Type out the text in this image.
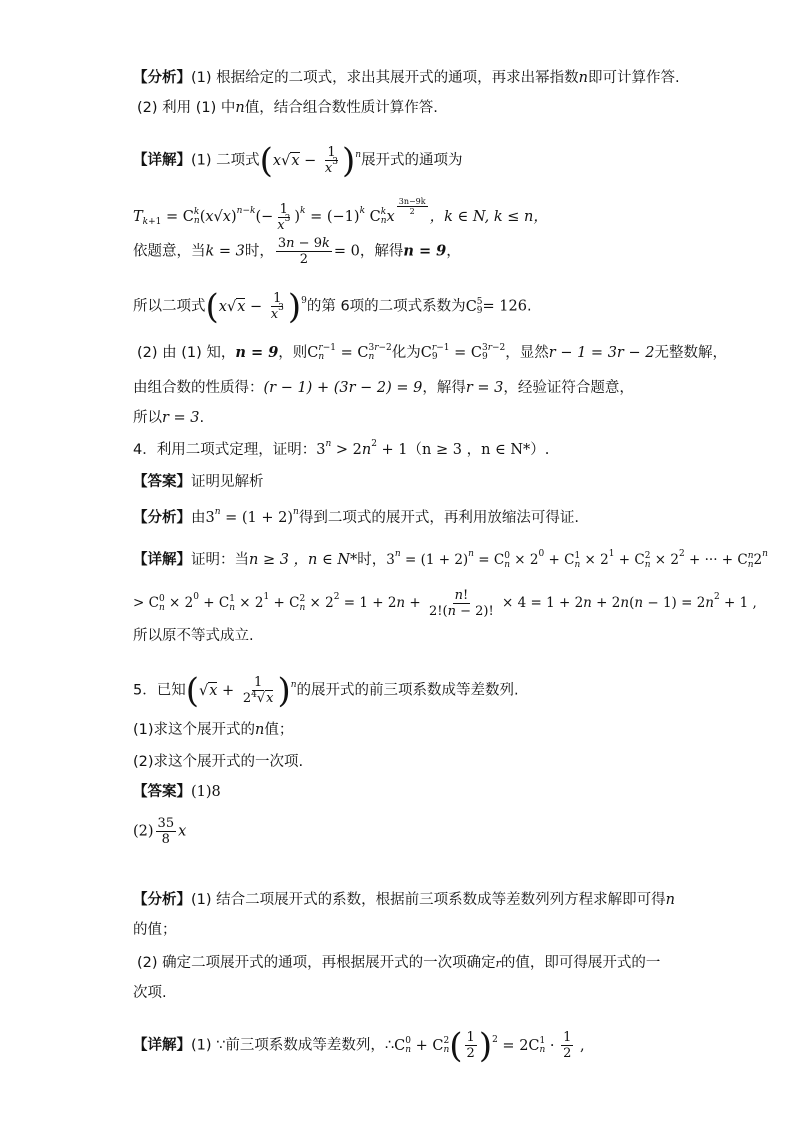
【分析】(1) 根据给定的二项式，求出其展开式的通项，再求出幂指数n即可计算作答.
(2) 利用 (1) 中n值，结合组合数性质计算作答.
【详解】(1) 二项式$(x√x - \frac{1}{x^3} )^n$展开式的通项为
$T_{k+1} = C$ k
n $(x√x)^{n-k}(- \frac{1}{x^3} )^k = (-1)^k$ C k
n x
$^{\frac{3n-9k}{2}}$
，k ∈ N, k ≤ n，
依题意，当k = 3时， $\frac{3n - 9k}{2} = 0$，解得n = 9，
所以二项式$(x√x - \frac{1}{x^3} )^9$的第 6项的二项式系数为C 5
9 = 126.
(2) 由 (1) 知，n = 9，则C r−1
n = C 3r−2
n	化为C r−1
9 = C 3r−2
9	，显然r − 1 = 3r − 2无整数解，
由组合数的性质得：(r − 1) + (3r − 2) = 9，解得r = 3，经验证符合题意，
所以r = 3.
4．利用二项式定理，证明：$3^n > 2n^2 + 1(n \ge 3$ ，n ∈ N*）.
【答案】证明见解析
【分析】由$3^n = (1 + 2)^n$得到二项式的展开式，再利用放缩法可得证.
【详解】证明：当n ≥ 3 ，n ∈ N*时，$3^n = (1 + 2)^n = C$ 0
$n \times 2^0 + C$ 1
$n \times 2^1 + C$ 2
$n \times 2^2$ + ··· + C n
n $2^n$
> C 0
$n \times 2^0 + C$ 1
$n \times 2^1 + C$ 2
$n \times 2^2 = 1 + 2n + \frac{n!}{2!(n - 2)!} \times 4 = 1 + 2n + 2n(n - 1) = 2n^2 + 1$ ,
所以原不等式成立.
5．已知$(√x + \frac{1}{2^4√x} )^n$的展开式的前三项系数成等差数列.
(1)求这个展开式的n值；
(2)求这个展开式的一次项.
【答案】(1)8
$(2) \frac{35}{8}$ x
【分析】(1) 结合二项展开式的系数，根据前三项系数成等差数列列方程求解即可得n
的值；
(2) 确定二项展开式的通项，再根据展开式的一次项确定r的值，即可得展开式的一
次项.
【详解】(1) ∵前三项系数成等差数列，∴C 0
n + C 2
n ( $\frac{1}{2} )^2 = 2C$ 1
$n \cdot \frac{1}{2}$ ,
